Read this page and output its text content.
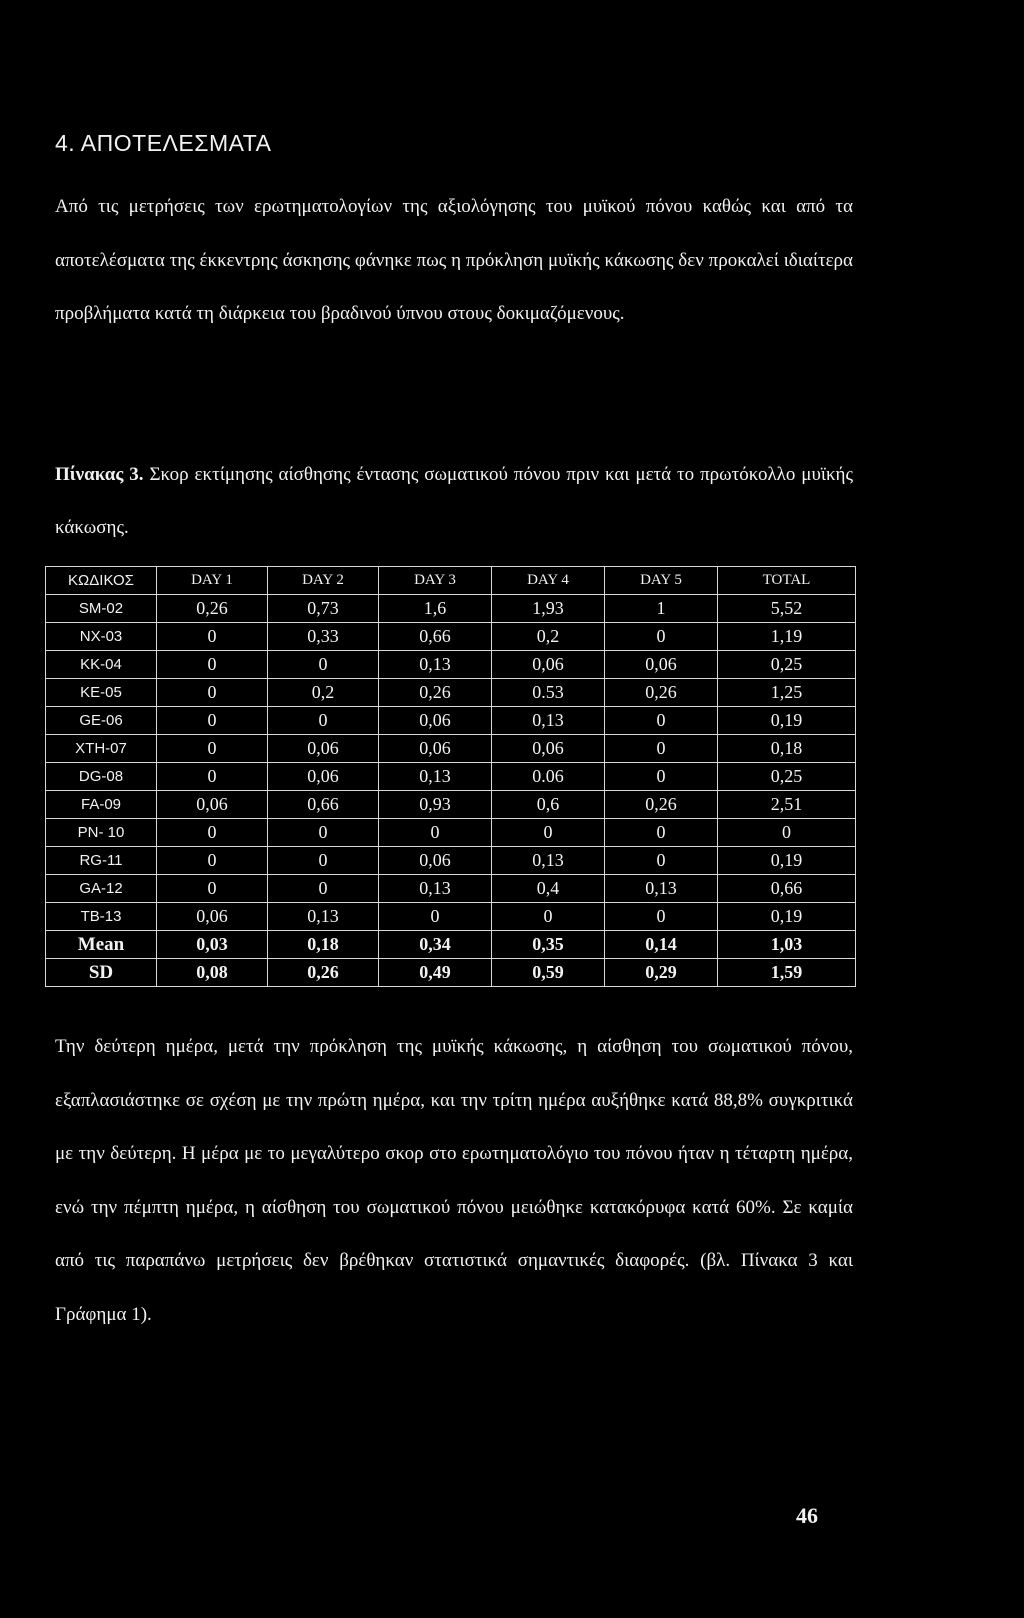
4. ΑΠΟΤΕΛΕΣΜΑΤΑ

Από τις μετρήσεις των ερωτηματολογίων της αξιολόγησης του μυϊκού πόνου καθώς και από τα αποτελέσματα της έκκεντρης άσκησης φάνηκε πως η πρόκληση μυϊκής κάκωσης δεν προκαλεί ιδιαίτερα προβλήματα κατά τη διάρκεια του βραδινού ύπνου στους δοκιμαζόμενους.

Πίνακας 3. Σκορ εκτίμησης αίσθησης έντασης σωματικού πόνου πριν και μετά το πρωτόκολλο μυϊκής κάκωσης.

ΚΩΔΙΚΟΣ	DAY 1	DAY 2	DAY 3	DAY 4	DAY 5	TOTAL
SM-02	0,26	0,73	1,6	1,93	1	5,52
NX-03	0	0,33	0,66	0,2	0	1,19
KK-04	0	0	0,13	0,06	0,06	0,25
KE-05	0	0,2	0,26	0.53	0,26	1,25
GE-06	0	0	0,06	0,13	0	0,19
XTH-07	0	0,06	0,06	0,06	0	0,18
DG-08	0	0,06	0,13	0.06	0	0,25
FA-09	0,06	0,66	0,93	0,6	0,26	2,51
PN- 10	0	0	0	0	0	0
RG-11	0	0	0,06	0,13	0	0,19
GA-12	0	0	0,13	0,4	0,13	0,66
TB-13	0,06	0,13	0	0	0	0,19
Mean	0,03	0,18	0,34	0,35	0,14	1,03
SD	0,08	0,26	0,49	0,59	0,29	1,59

Την δεύτερη ημέρα, μετά την πρόκληση της μυϊκής κάκωσης, η αίσθηση του σωματικού πόνου, εξαπλασιάστηκε σε σχέση με την πρώτη ημέρα, και την τρίτη ημέρα αυξήθηκε κατά 88,8% συγκριτικά με την δεύτερη. Η μέρα με το μεγαλύτερο σκορ στο ερωτηματολόγιο του πόνου ήταν η τέταρτη ημέρα, ενώ την πέμπτη ημέρα, η αίσθηση του σωματικού πόνου μειώθηκε κατακόρυφα κατά 60%. Σε καμία από τις παραπάνω μετρήσεις δεν βρέθηκαν στατιστικά σημαντικές διαφορές. (βλ. Πίνακα 3 και Γράφημα 1).

46
